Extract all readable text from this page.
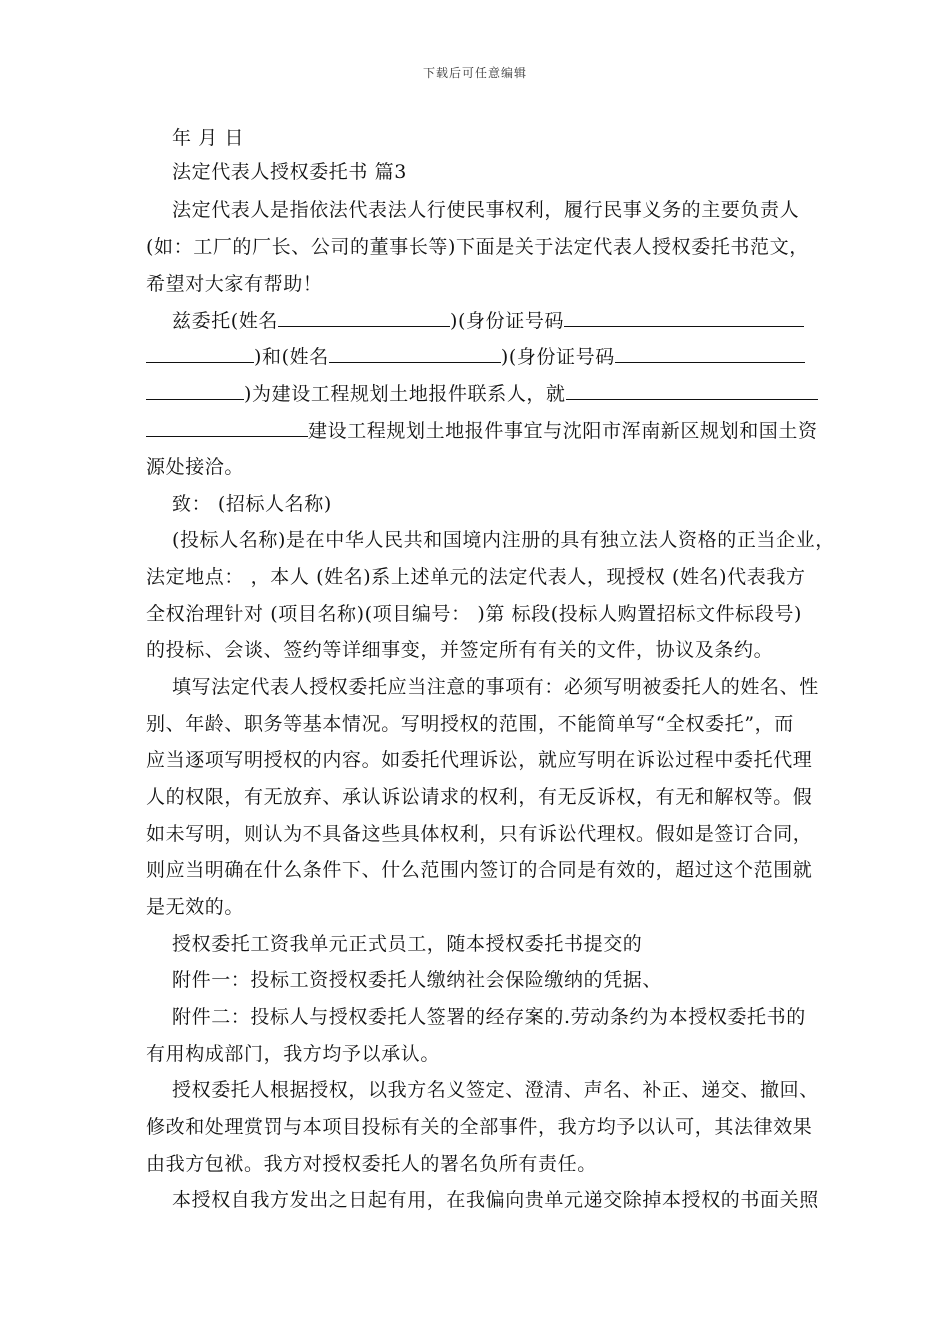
下载后可任意编辑
年 月 日
法定代表人授权委托书 篇3
法定代表人是指依法代表法人行使民事权利，履行民事义务的主要负责人
(如：工厂的厂长、公司的董事长等)下面是关于法定代表人授权委托书范文，
希望对大家有帮助！
兹委托(姓名	)(身份证号码
)和(姓名	)(身份证号码
)为建设工程规划土地报件联系人，就
建设工程规划土地报件事宜与沈阳市浑南新区规划和国土资
源处接洽。
致： (招标人名称)
(投标人名称)是在中华人民共和国境内注册的具有独立法人资格的正当企业，
法定地点： ，本人 (姓名)系上述单元的法定代表人，现授权 (姓名)代表我方
全权治理针对 (项目名称)(项目编号： )第 标段(投标人购置招标文件标段号)
的投标、会谈、签约等详细事变，并签定所有有关的文件，协议及条约。
填写法定代表人授权委托应当注意的事项有：必须写明被委托人的姓名、性
别、年龄、职务等基本情况。写明授权的范围，不能简单写“全权委托”，而
应当逐项写明授权的内容。如委托代理诉讼，就应写明在诉讼过程中委托代理
人的权限，有无放弃、承认诉讼请求的权利，有无反诉权，有无和解权等。假
如未写明，则认为不具备这些具体权利，只有诉讼代理权。假如是签订合同，
则应当明确在什么条件下、什么范围内签订的合同是有效的，超过这个范围就
是无效的。
授权委托工资我单元正式员工，随本授权委托书提交的
附件一：投标工资授权委托人缴纳社会保险缴纳的凭据、
附件二：投标人与授权委托人签署的经存案的.劳动条约为本授权委托书的
有用构成部门，我方均予以承认。
授权委托人根据授权，以我方名义签定、澄清、声名、补正、递交、撤回、
修改和处理赏罚与本项目投标有关的全部事件，我方均予以认可，其法律效果
由我方包袱。我方对授权委托人的署名负所有责任。
本授权自我方发出之日起有用，在我偏向贵单元递交除掉本授权的书面关照
